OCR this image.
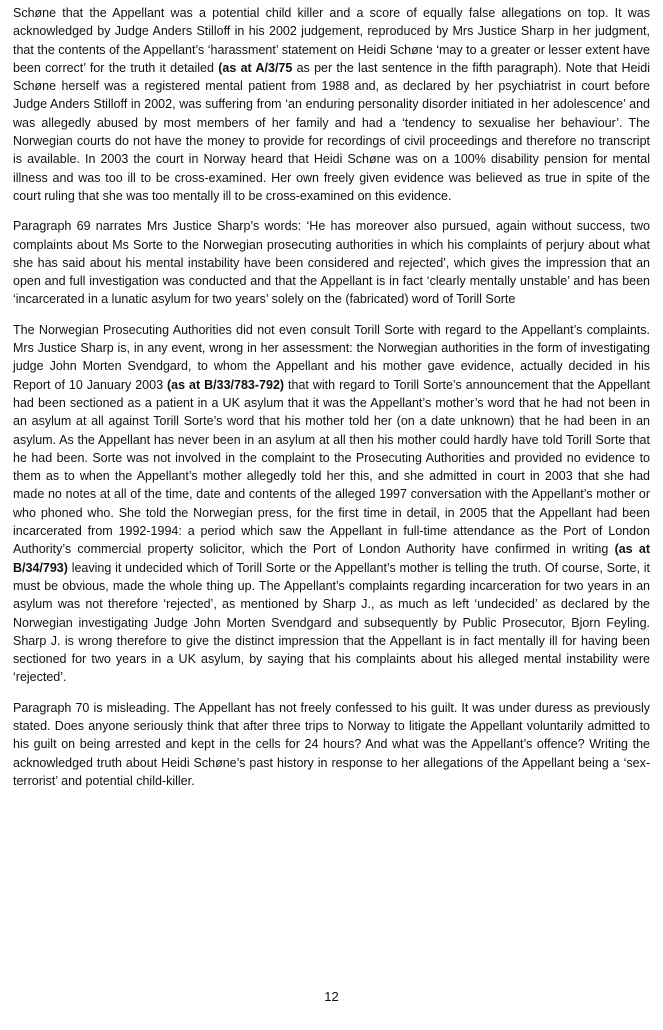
Schøne that the Appellant was a potential child killer and a score of equally false allegations on top. It was acknowledged by Judge Anders Stilloff in his 2002 judgement, reproduced by Mrs Justice Sharp in her judgment, that the contents of the Appellant’s ‘harassment’ statement on Heidi Schøne ‘may to a greater or lesser extent have been correct’ for the truth it detailed (as at A/3/75 as per the last sentence in the fifth paragraph). Note that Heidi Schøne herself was a registered mental patient from 1988 and, as declared by her psychiatrist in court before Judge Anders Stilloff in 2002, was suffering from ‘an enduring personality disorder initiated in her adolescence’ and was allegedly abused by most members of her family and had a ‘tendency to sexualise her behaviour’. The Norwegian courts do not have the money to provide for recordings of civil proceedings and therefore no transcript is available. In 2003 the court in Norway heard that Heidi Schøne was on a 100% disability pension for mental illness and was too ill to be cross-examined. Her own freely given evidence was believed as true in spite of the court ruling that she was too mentally ill to be cross-examined on this evidence.

Paragraph 69 narrates Mrs Justice Sharp’s words: ‘He has moreover also pursued, again without success, two complaints about Ms Sorte to the Norwegian prosecuting authorities in which his complaints of perjury about what she has said about his mental instability have been considered and rejected’, which gives the impression that an open and full investigation was conducted and that the Appellant is in fact ‘clearly mentally unstable’ and has been ‘incarcerated in a lunatic asylum for two years’ solely on the (fabricated) word of Torill Sorte

The Norwegian Prosecuting Authorities did not even consult Torill Sorte with regard to the Appellant’s complaints. Mrs Justice Sharp is, in any event, wrong in her assessment: the Norwegian authorities in the form of investigating judge John Morten Svendgard, to whom the Appellant and his mother gave evidence, actually decided in his Report of 10 January 2003 (as at B/33/783-792) that with regard to Torill Sorte’s announcement that the Appellant had been sectioned as a patient in a UK asylum that it was the Appellant’s mother’s word that he had not been in an asylum at all against Torill Sorte’s word that his mother told her (on a date unknown) that he had been in an asylum. As the Appellant has never been in an asylum at all then his mother could hardly have told Torill Sorte that he had been. Sorte was not involved in the complaint to the Prosecuting Authorities and provided no evidence to them as to when the Appellant’s mother allegedly told her this, and she admitted in court in 2003 that she had made no notes at all of the time, date and contents of the alleged 1997 conversation with the Appellant’s mother or who phoned who. She told the Norwegian press, for the first time in detail, in 2005 that the Appellant had been incarcerated from 1992-1994: a period which saw the Appellant in full-time attendance as the Port of London Authority’s commercial property solicitor, which the Port of London Authority have confirmed in writing (as at B/34/793) leaving it undecided which of Torill Sorte or the Appellant’s mother is telling the truth. Of course, Sorte, it must be obvious, made the whole thing up. The Appellant’s complaints regarding incarceration for two years in an asylum was not therefore ‘rejected’, as mentioned by Sharp J., as much as left ‘undecided’ as declared by the Norwegian investigating Judge John Morten Svendgard and subsequently by Public Prosecutor, Bjorn Feyling. Sharp J. is wrong therefore to give the distinct impression that the Appellant is in fact mentally ill for having been sectioned for two years in a UK asylum, by saying that his complaints about his alleged mental instability were ‘rejected’.

Paragraph 70 is misleading. The Appellant has not freely confessed to his guilt. It was under duress as previously stated. Does anyone seriously think that after three trips to Norway to litigate the Appellant voluntarily admitted to his guilt on being arrested and kept in the cells for 24 hours? And what was the Appellant’s offence? Writing the acknowledged truth about Heidi Schøne’s past history in response to her allegations of the Appellant being a ‘sex-terrorist’ and potential child-killer.

12
